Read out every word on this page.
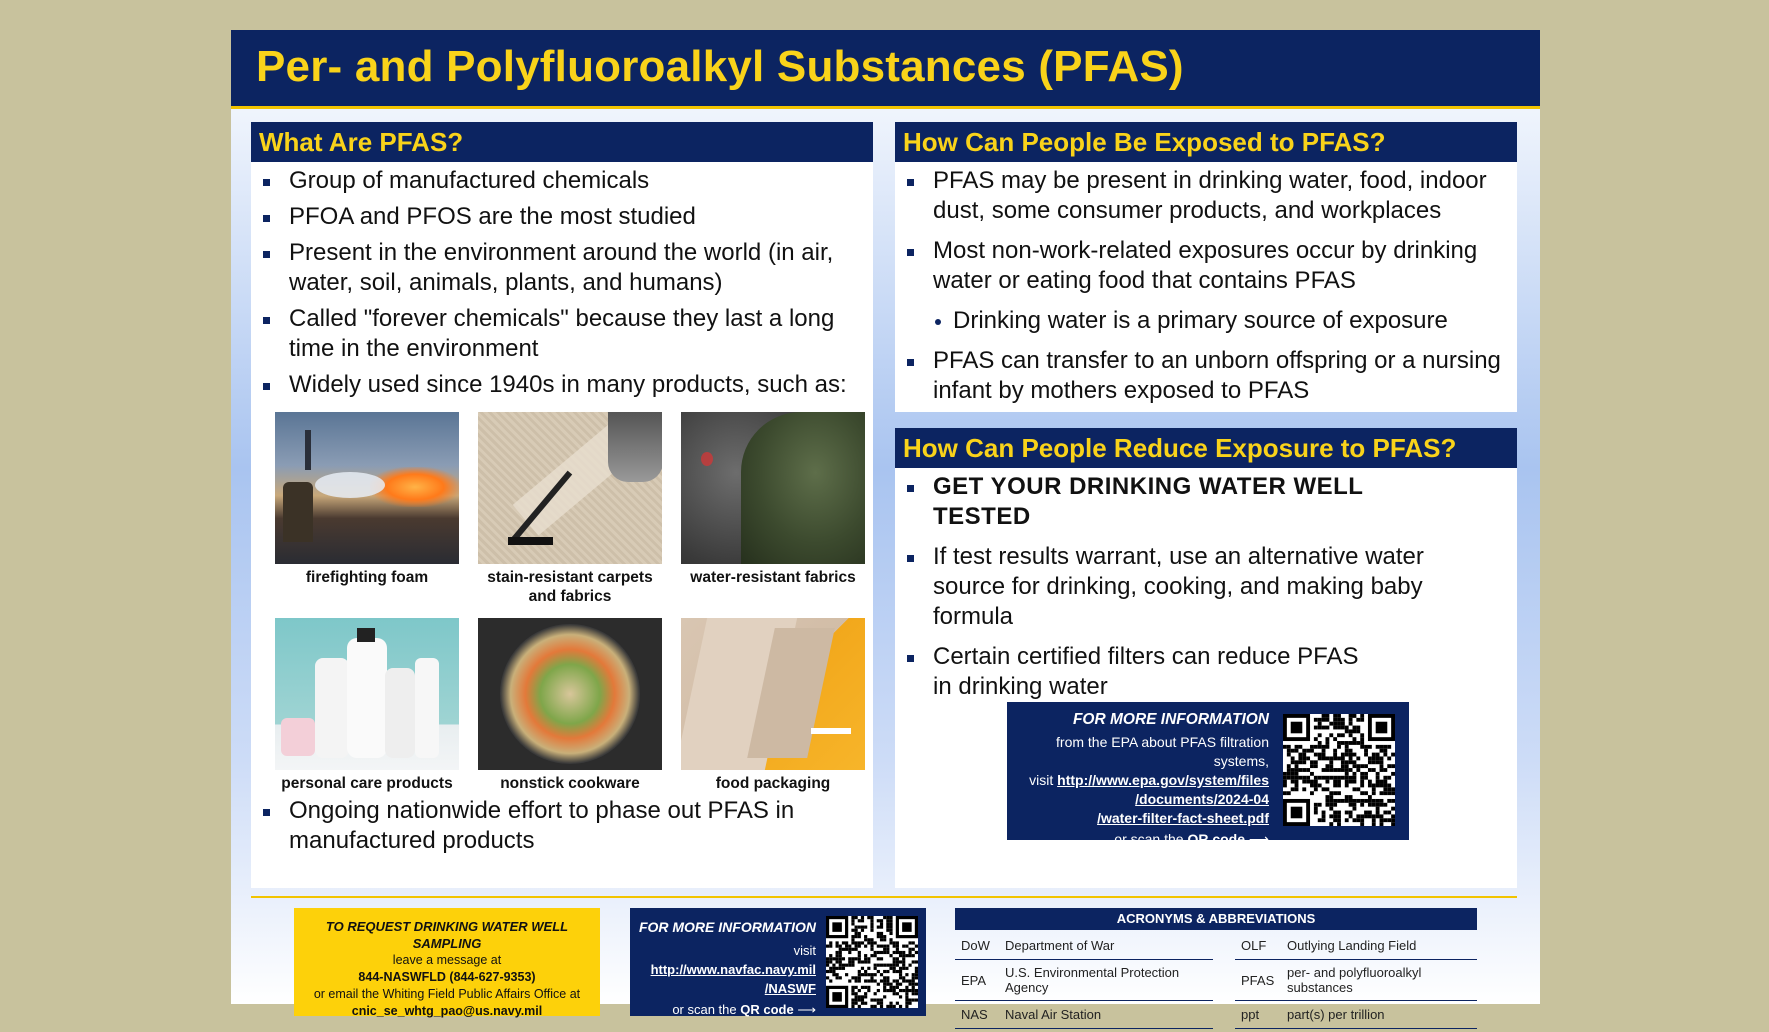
Per- and Polyfluoroalkyl Substances (PFAS)
What Are PFAS?
Group of manufactured chemicals
PFOA and PFOS are the most studied
Present in the environment around the world (in air, water, soil, animals, plants, and humans)
Called "forever chemicals" because they last a long time in the environment
Widely used since 1940s in many products, such as:
firefighting foam	stain-resistant carpets and fabrics
water-resistant fabrics
personal care products	nonstick cookware	food packaging
Ongoing nationwide effort to phase out PFAS in manufactured products
How Can People Be Exposed to PFAS?
PFAS may be present in drinking water, food, indoor dust, some consumer products, and workplaces
Most non-work-related exposures occur by drinking water or eating food that contains PFAS
Drinking water is a primary source of exposure
PFAS can transfer to an unborn offspring or a nursing infant by mothers exposed to PFAS
How Can People Reduce Exposure to PFAS?
GET YOUR DRINKING WATER WELL TESTED
If test results warrant, use an alternative water source for drinking, cooking, and making baby formula
Certain certified filters can reduce PFAS in drinking water
FOR MORE INFORMATION
from the EPA about PFAS filtration systems,
visit http://www.epa.gov/system/files
/documents/2024-04
/water-filter-fact-sheet.pdf
or scan the QR code ⟶
TO REQUEST DRINKING WATER WELL SAMPLING
leave a message at
844-NASWFLD (844-627-9353)
or email the Whiting Field Public Affairs Office at
cnic_se_whtg_pao@us.navy.mil
FOR MORE INFORMATION
visit http://www.navfac.navy.mil
/NASWF
or scan the QR code ⟶
ACRONYMS & ABBREVIATIONS
DoW	Department of War
EPA	U.S. Environmental Protection Agency
NAS	Naval Air Station
OLF	Outlying Landing Field
PFAS	per- and polyfluoroalkyl substances
ppt	part(s) per trillion
